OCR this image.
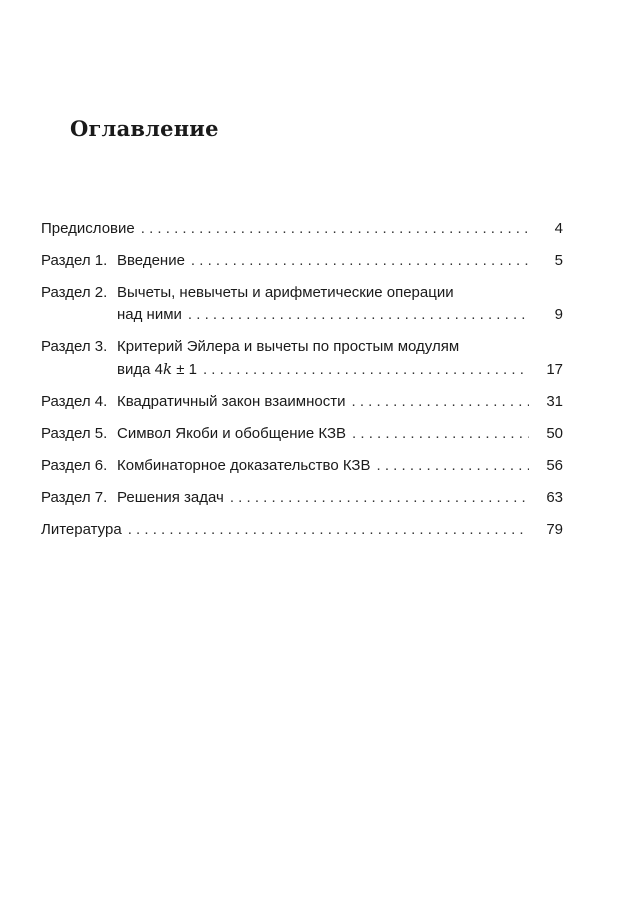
Оглавление
Предисловие . . .	4
Раздел 1. Введение . . .	5
Раздел 2. Вычеты, невычеты и арифметические операции
над ними . . .	9
Раздел 3. Критерий Эйлера и вычеты по простым модулям
вида 4k ± 1 . . .	17
Раздел 4. Квадратичный закон взаимности . . .	31
Раздел 5. Символ Якоби и обобщение КЗВ . . .	50
Раздел 6. Комбинаторное доказательство КЗВ . . .	56
Раздел 7. Решения задач . . .	63
Литература . . .	79
